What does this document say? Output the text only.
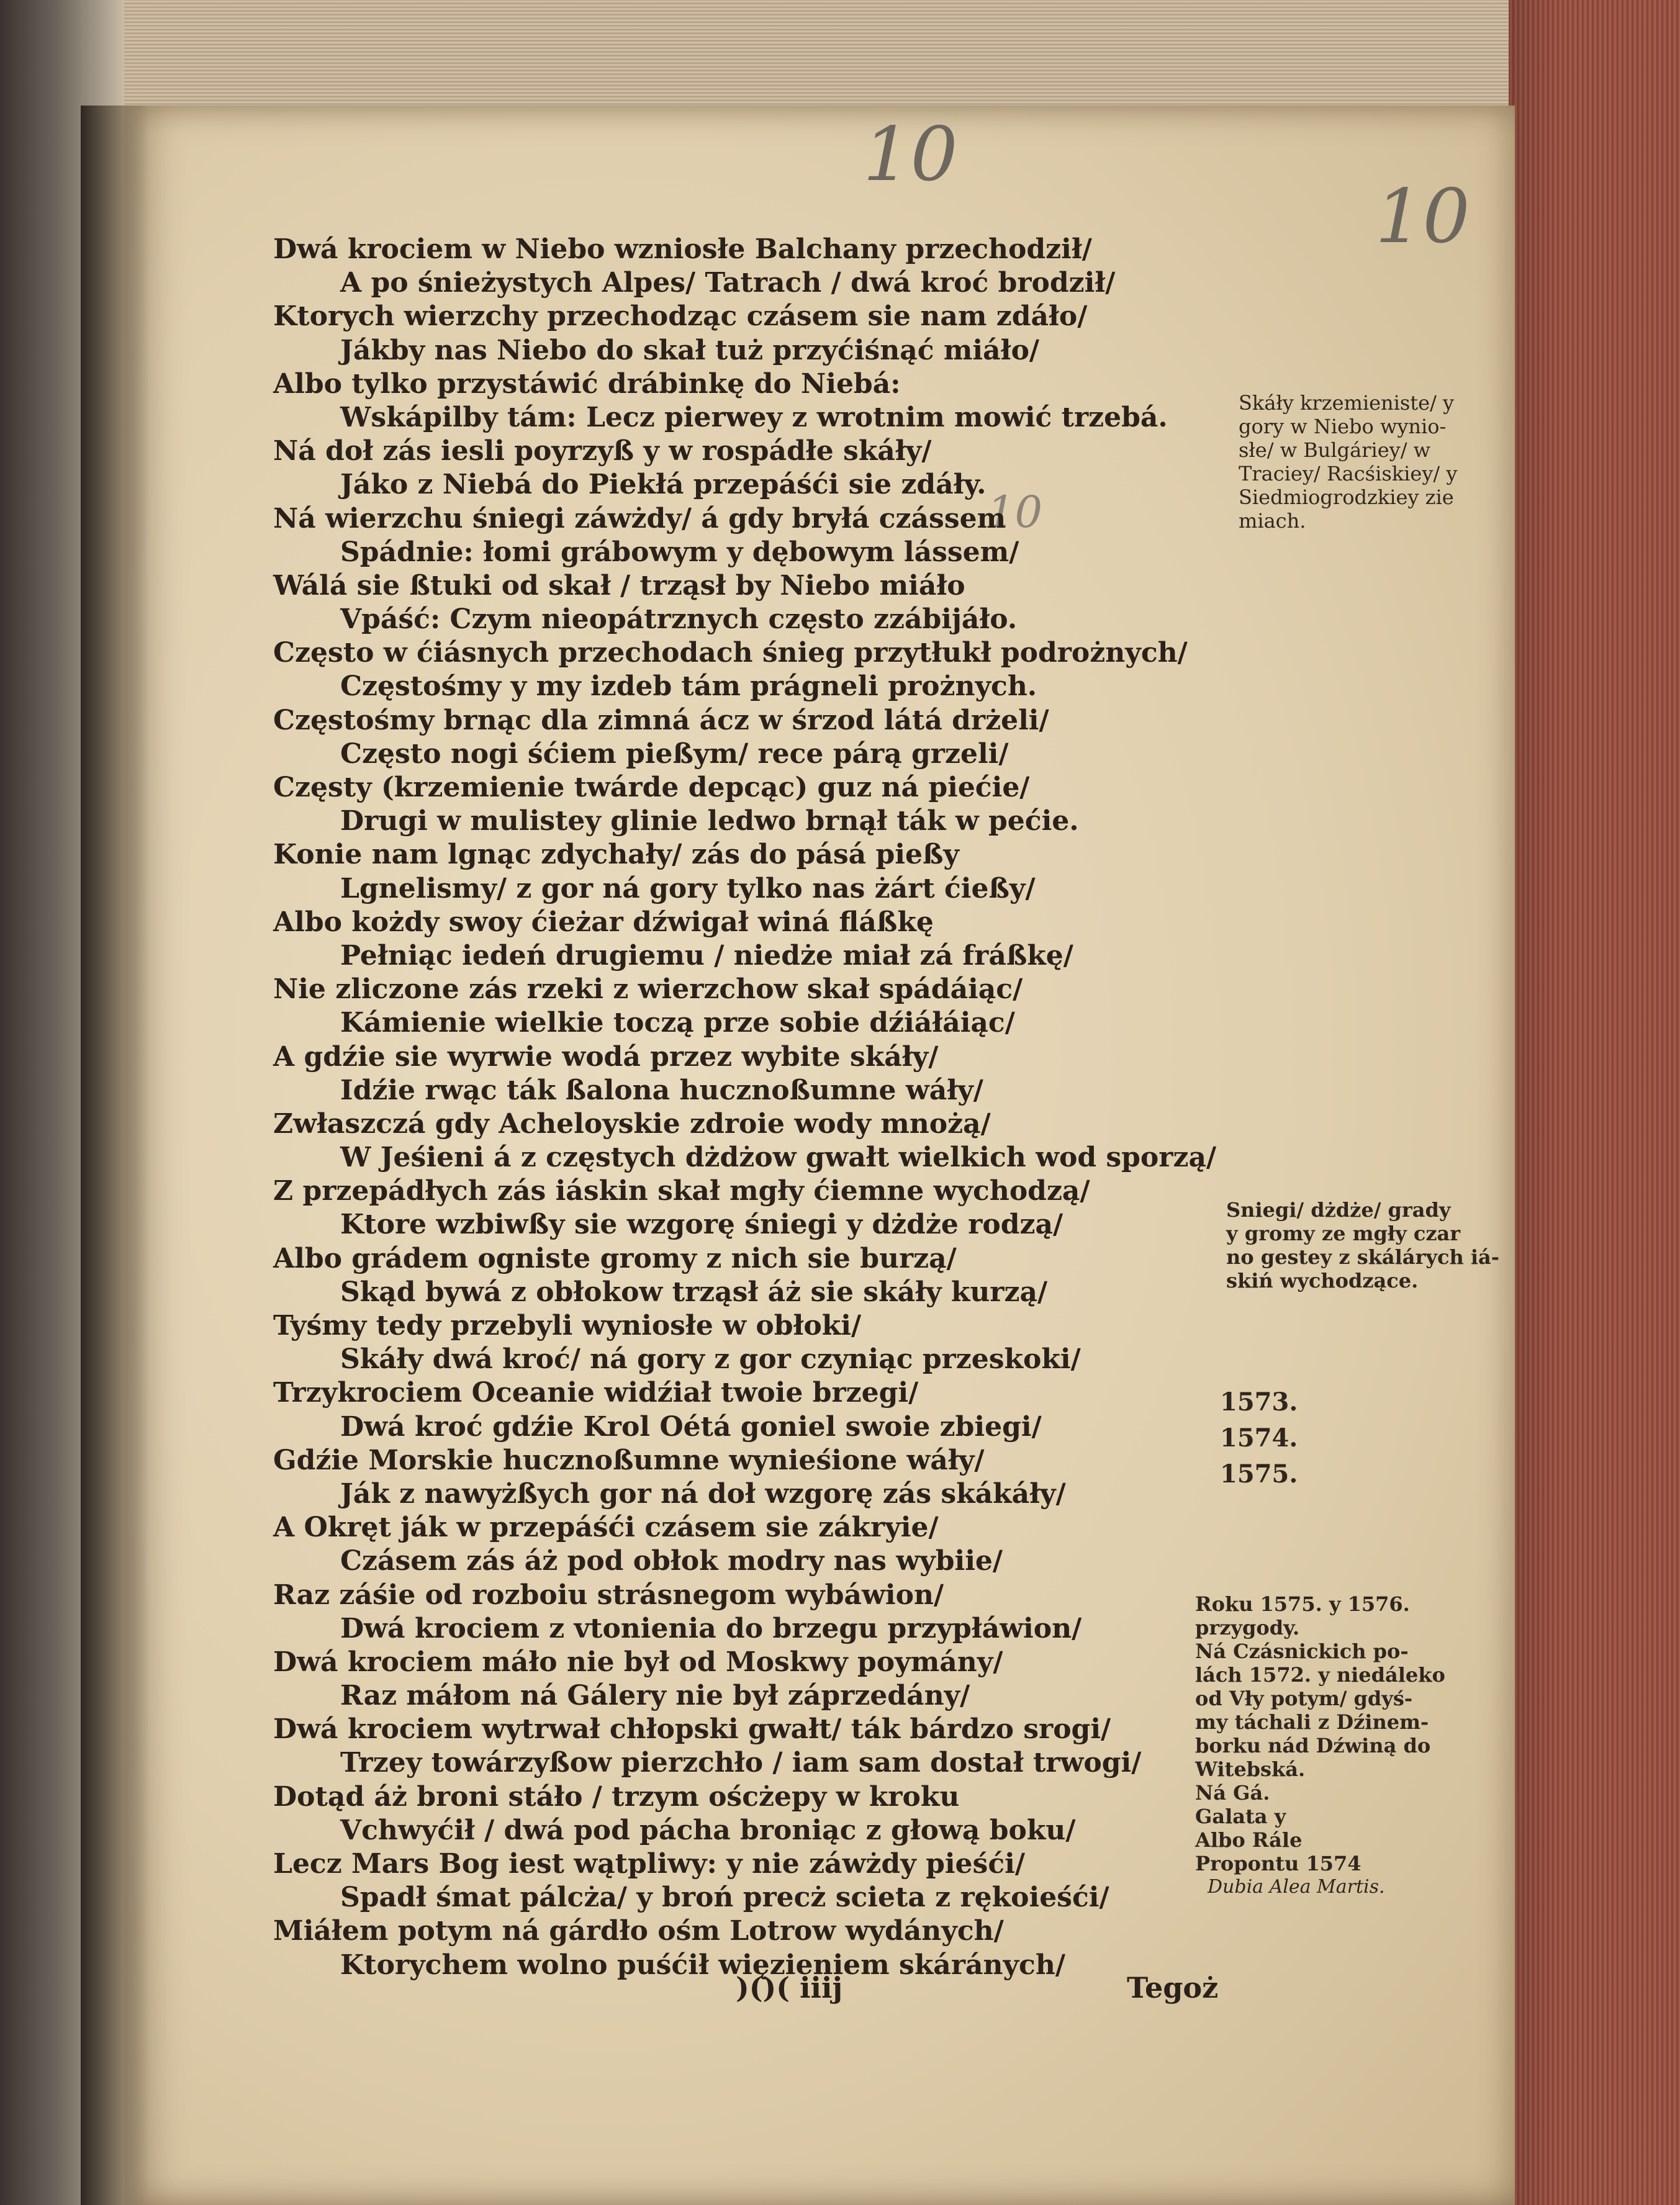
10
10
10
Dwá krociem w Niebo wzniosłe Balchany przechodził/
A po śnieżystych Alpes/ Tatrach / dwá kroć brodził/
Ktorych wierzchy przechodząc czásem sie nam zdáło/
Jákby nas Niebo do skał tuż przyćiśnąć miáło/
Albo tylko przystáwić drábinkę do Niebá:
Wskápilby tám: Lecz pierwey z wrotnim mowić trzebá.
Ná doł zás iesli poyrzyß y w rospádłe skáły/
Jáko z Niebá do Piekłá przepáśći sie zdáły.
Ná wierzchu śniegi záwżdy/ á gdy bryłá czássem
Spádnie: łomi grábowym y dębowym lássem/
Wálá sie ßtuki od skał / trząsł by Niebo miáło
Vpáść: Czym nieopátrznych często zzábijáło.
Często w ćiásnych przechodach śnieg przytłukł podrożnych/
Częstośmy y my izdeb tám prágneli prożnych.
Częstośmy brnąc dla zimná ácz w śrzod látá drżeli/
Często nogi śćiem pießym/ rece párą grzeli/
Częsty (krzemienie twárde depcąc) guz ná piećie/
Drugi w mulistey glinie ledwo brnął ták w pećie.
Konie nam lgnąc zdychały/ zás do pásá pießy
Lgnelismy/ z gor ná gory tylko nas żárt ćießy/
Albo kożdy swoy ćieżar dźwigał winá fláßkę
Pełniąc iedeń drugiemu / niedże miał zá fráßkę/
Nie zliczone zás rzeki z wierzchow skał spádáiąc/
Kámienie wielkie toczą prze sobie dźiáłáiąc/
A gdźie sie wyrwie wodá przez wybite skáły/
Idźie rwąc ták ßalona hucznoßumne wáły/
Zwłaszczá gdy Acheloyskie zdroie wody mnożą/
W Jeśieni á z częstych dżdżow gwałt wielkich wod sporzą/
Z przepádłych zás iáskin skał mgły ćiemne wychodzą/
Ktore wzbiwßy sie wzgorę śniegi y dżdże rodzą/
Albo grádem ogniste gromy z nich sie burzą/
Skąd bywá z obłokow trząsł áż sie skáły kurzą/
Tyśmy tedy przebyli wyniosłe w obłoki/
Skáły dwá kroć/ ná gory z gor czyniąc przeskoki/
Trzykrociem Oceanie widźiał twoie brzegi/
Dwá kroć gdźie Krol Oétá goniel swoie zbiegi/
Gdźie Morskie hucznoßumne wynieśione wáły/
Ják z nawyżßych gor ná doł wzgorę zás skákáły/
A Okręt ják w przepáśći czásem sie zákryie/
Czásem zás áż pod obłok modry nas wybiie/
Raz záśie od rozboiu strásnegom wybáwion/
Dwá krociem z vtonienia do brzegu przypłáwion/
Dwá krociem máło nie był od Moskwy poymány/
Raz máłom ná Gálery nie był záprzedány/
Dwá krociem wytrwał chłopski gwałt/ ták bárdzo srogi/
Trzey towárzyßow pierzchło / iam sam dostał trwogi/
Dotąd áż broni stáło / trzym oścżepy w kroku
Vchwyćił / dwá pod pácha broniąc z głową boku/
Lecz Mars Bog iest wątpliwy: y nie záwżdy pieśći/
Spadł śmat pálcża/ y broń precż scieta z rękoieśći/
Miáłem potym ná gárdło ośm Lotrow wydánych/
Ktorychem wolno puśćił więzieniem skáránych/
)()( iiij	Tegoż
Skáły krzemieniste/ y
gory w Niebo wynio-
słe/ w Bulgáriey/ w
Traciey/ Racśiskiey/ y
Siedmiogrodzkiey zie
miach.
Sniegi/ dżdże/ grady
y gromy ze mgły czar
no gestey z skálárych iá-
skiń wychodzące.
1573.
1574.
1575.
Roku 1575. y 1576.
przygody.
Ná Czásnickich po-
lách 1572. y niedáleko
od Vły potym/ gdyś-
my táchali z Dźinem-
borku nád Dźwiną do
Witebská.
Ná Gá.
Galata y
Albo Rále
Propontu 1574
Dubia Alea Martis.
